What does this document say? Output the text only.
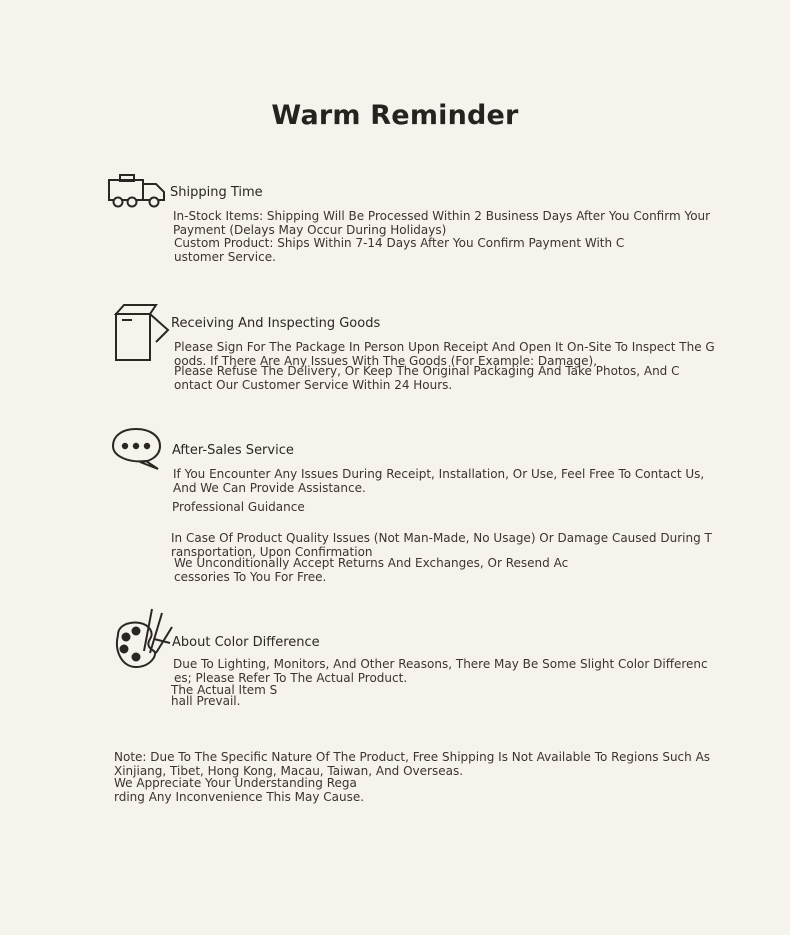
Warm Reminder
Shipping Time
In-Stock Items: Shipping Will Be Processed Within 2 Business Days After You Confirm Your
Payment (Delays May Occur During Holidays)
Custom Product: Ships Within 7-14 Days After You Confirm Payment With C
ustomer Service.
Receiving And Inspecting Goods
Please Sign For The Package In Person Upon Receipt And Open It On-Site To Inspect The G
oods. If There Are Any Issues With The Goods (For Example: Damage),
Please Refuse The Delivery, Or Keep The Original Packaging And Take Photos, And C
ontact Our Customer Service Within 24 Hours.
After-Sales Service
If You Encounter Any Issues During Receipt, Installation, Or Use, Feel Free To Contact Us,
And We Can Provide Assistance.
Professional Guidance
In Case Of Product Quality Issues (Not Man-Made, No Usage) Or Damage Caused During T
ransportation, Upon Confirmation
We Unconditionally Accept Returns And Exchanges, Or Resend Ac
cessories To You For Free.
About Color Difference
Due To Lighting, Monitors, And Other Reasons, There May Be Some Slight Color Differenc
es; Please Refer To The Actual Product.
The Actual Item S
hall Prevail.
Note: Due To The Specific Nature Of The Product, Free Shipping Is Not Available To Regions Such As
Xinjiang, Tibet, Hong Kong, Macau, Taiwan, And Overseas.
We Appreciate Your Understanding Rega
rding Any Inconvenience This May Cause.
